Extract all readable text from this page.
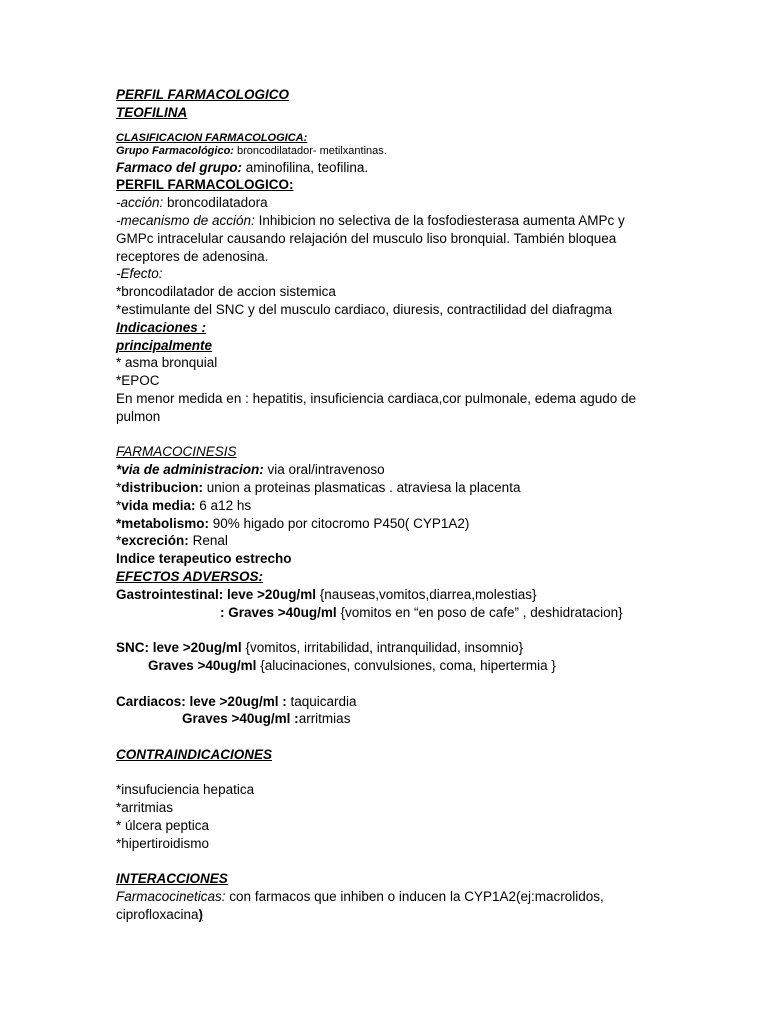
PERFIL FARMACOLOGICO
TEOFILINA
CLASIFICACION FARMACOLOGICA:
Grupo Farmacológico: broncodilatador- metilxantinas.
Farmaco del grupo: aminofilina, teofilina.
PERFIL FARMACOLOGICO:
-acción: broncodilatadora
-mecanismo de acción: Inhibicion no selectiva de la fosfodiesterasa aumenta AMPc y GMPc intracelular causando relajación del musculo liso bronquial. También bloquea receptores de adenosina.
-Efecto:
*broncodilatador de accion sistemica
*estimulante del SNC y del musculo cardiaco, diuresis, contractilidad del diafragma
Indicaciones :
principalmente
* asma bronquial
*EPOC
En menor medida en : hepatitis, insuficiencia cardiaca,cor pulmonale, edema agudo de pulmon
FARMACOCINESIS
*via de administracion: via oral/intravenoso
*distribucion: union a proteinas plasmaticas . atraviesa la placenta
*vida media: 6 a12 hs
*metabolismo: 90% higado por citocromo P450( CYP1A2)
*excreción: Renal
Indice terapeutico estrecho
EFECTOS ADVERSOS:
Gastrointestinal: leve >20ug/ml {nauseas,vomitos,diarrea,molestias}
: Graves >40ug/ml {vomitos en “en poso de cafe” , deshidratacion}
SNC: leve >20ug/ml {vomitos, irritabilidad, intranquilidad, insomnio}
Graves >40ug/ml {alucinaciones, convulsiones, coma, hipertermia }
Cardiacos: leve >20ug/ml : taquicardia
Graves >40ug/ml :arritmias
CONTRAINDICACIONES
*insufuciencia hepatica
*arritmias
* úlcera peptica
*hipertiroidismo
INTERACCIONES
Farmacocineticas: con farmacos que inhiben o inducen la CYP1A2(ej:macrolidos, ciprofloxacina)
